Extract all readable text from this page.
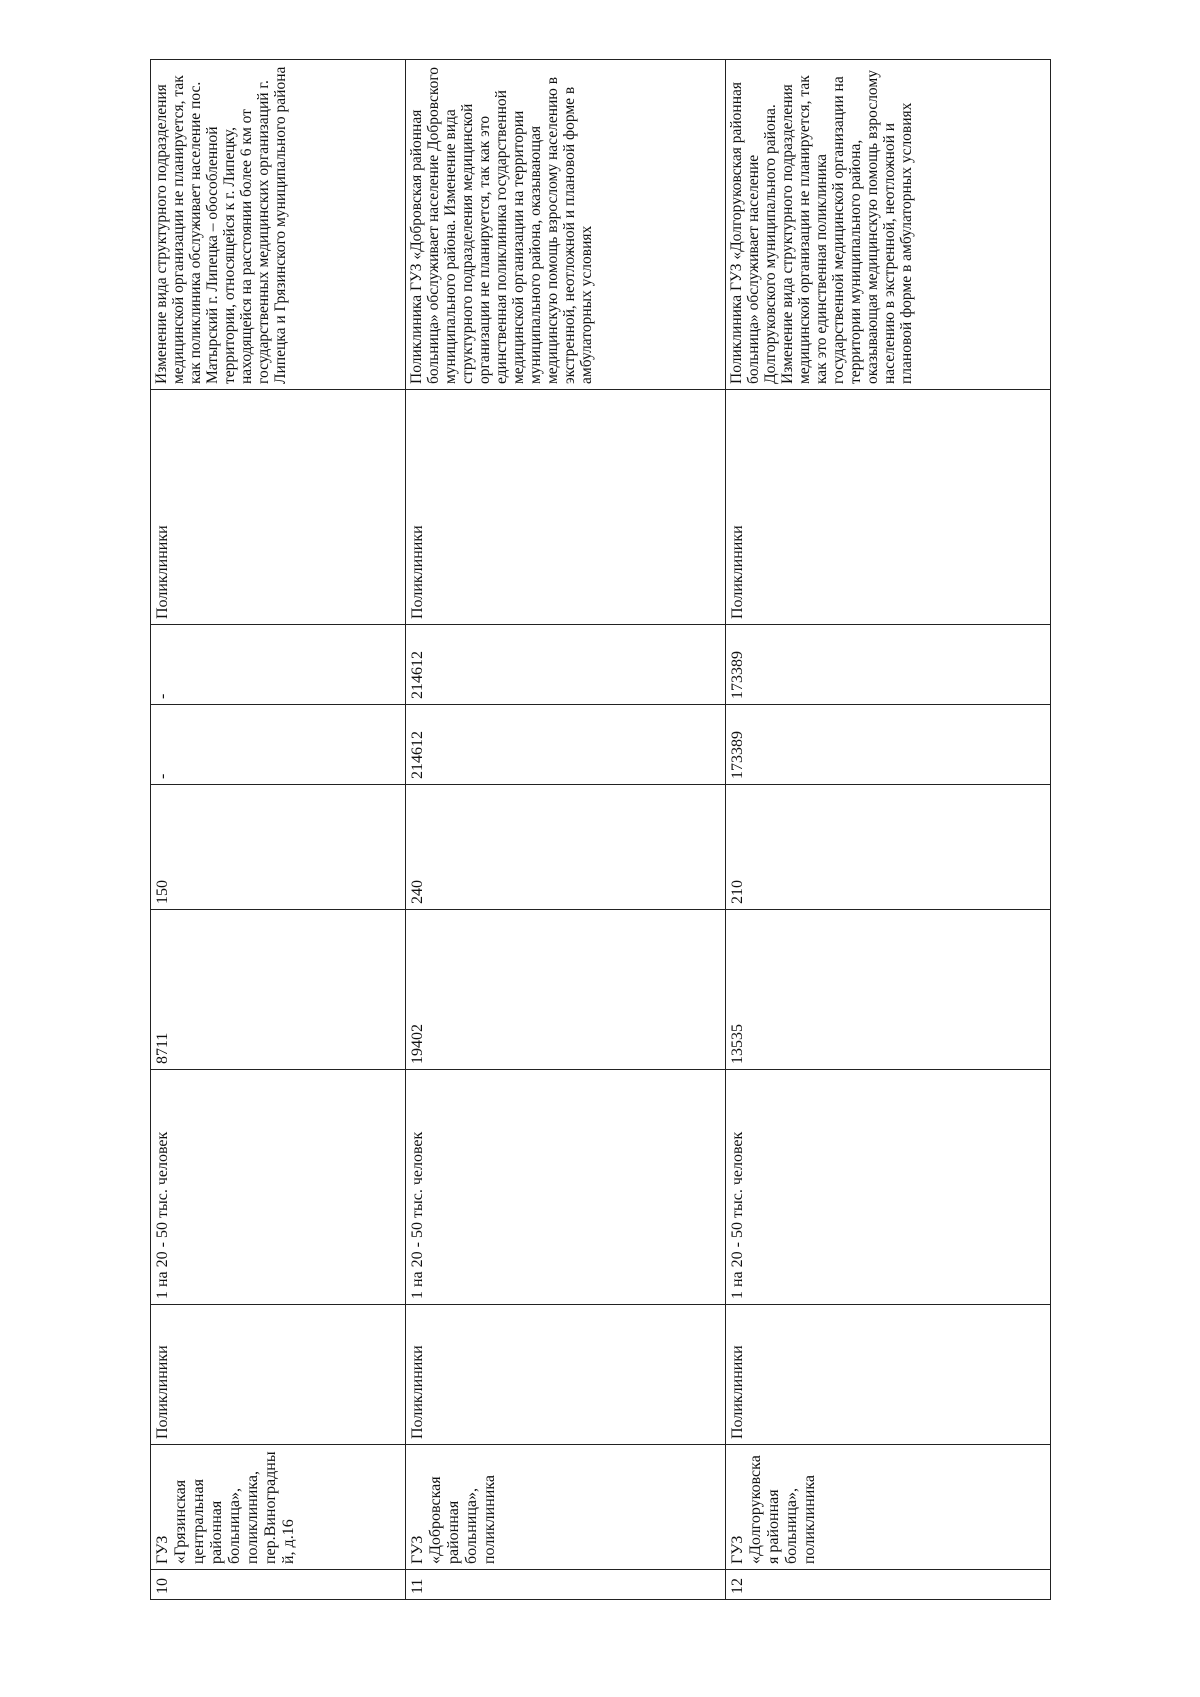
10	ГУЗ «Грязинская центральная районная больница», поликлиника, пер.Виноградный, д.16	Поликлиники	1 на 20 - 50 тыс. человек	8711	150	-	-	Поликлиники	Изменение вида структурного подразделения медицинской организации не планируется, так как поликлиника обслуживает население пос. Матырский г. Липецка – обособленной территории, относящейся к г. Липецку, находящейся на расстоянии более 6 км от государственных медицинских организаций г. Липецка и Грязинского муниципального района
11	ГУЗ «Добровская районная больница», поликлиника	Поликлиники	1 на 20 - 50 тыс. человек	19402	240	214612	214612	Поликлиники	Поликлиника ГУЗ «Добровская районная больница» обслуживает население Добровского муниципального района. Изменение вида структурного подразделения медицинской организации не планируется, так как это единственная поликлиника государственной медицинской организации на территории муниципального района, оказывающая медицинскую помощь взрослому населению в экстренной, неотложной и плановой форме в амбулаторных условиях
12	ГУЗ «Долгоруковская районная больница», поликлиника	Поликлиники	1 на 20 - 50 тыс. человек	13535	210	173389	173389	Поликлиники	Поликлиника ГУЗ «Долгоруковская районная больница» обслуживает население Долгоруковского муниципального района. Изменение вида структурного подразделения медицинской организации не планируется, так как это единственная поликлиника государственной медицинской организации на территории муниципального района, оказывающая медицинскую помощь взрослому населению в экстренной, неотложной и плановой форме в амбулаторных условиях
